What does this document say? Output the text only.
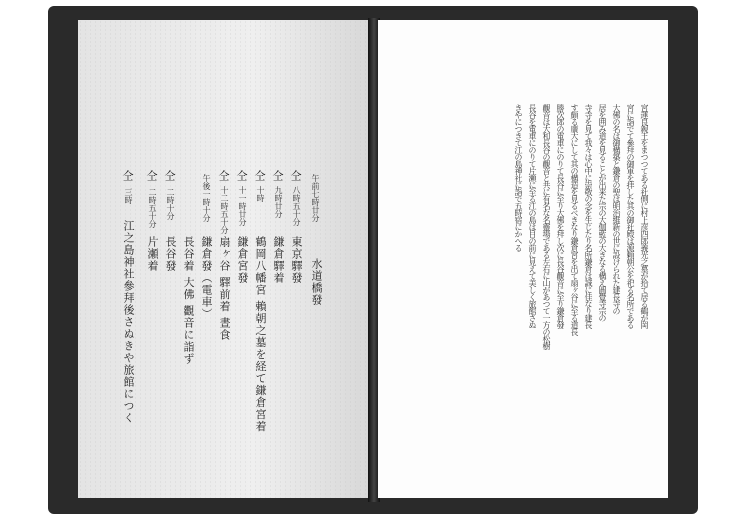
午前七時廿分
八時五十分
九時廿分
十時
十一時廿分
十二時五十分
午後一時十分
二時十分
二時五十分
三時
仝
仝
仝
仝
仝
仝
仝
仝
水道橋發
東京驛發
鎌倉驛着
鶴岡八幡宮 賴朝之墓を経て鎌倉宮着
鎌倉宮發
扇ヶ谷 驛前着 晝食
鎌倉發（電車）
長谷着 大佛 觀音に詣ず
長谷發
片瀬着
江之島神社參拜後さぬきや旅館につく	宮運良親王をまつつてある社側に村上彦四郎義光之墓が拾て居る鶴が岡
宮に詣でて參拜の御軍を拝した其の御社殿は源頼朝公を祀る名所である
大佛の名は御構築と鎌倉の聖は明治維新の世に設けられた建長寺の
居を囲み道を見ることが出来た宗の大伽藍の大きなる構え圓覺寺宗の
寺寺を見て我々は心中に崇敬の念を生じたり名所鎌倉は誠に佳なり建長
す頗る廣大にして其の構造を見るべきなり鎌倉宮を出て扇ヶ谷に至る道長
勝次郎の電車にのりて長谷に至り大佛を拜し次に長谷觀音に至り鎌倉發
觀音は大和長谷の觀音と共に有名な名靈場である左右に山があつて一方の松樹
長谷を電車にのりて片瀬に至る江の島は目の前に見えて美しく旅館さぬ
きやにつきて江の島神社に詣で五時宿にかへる
